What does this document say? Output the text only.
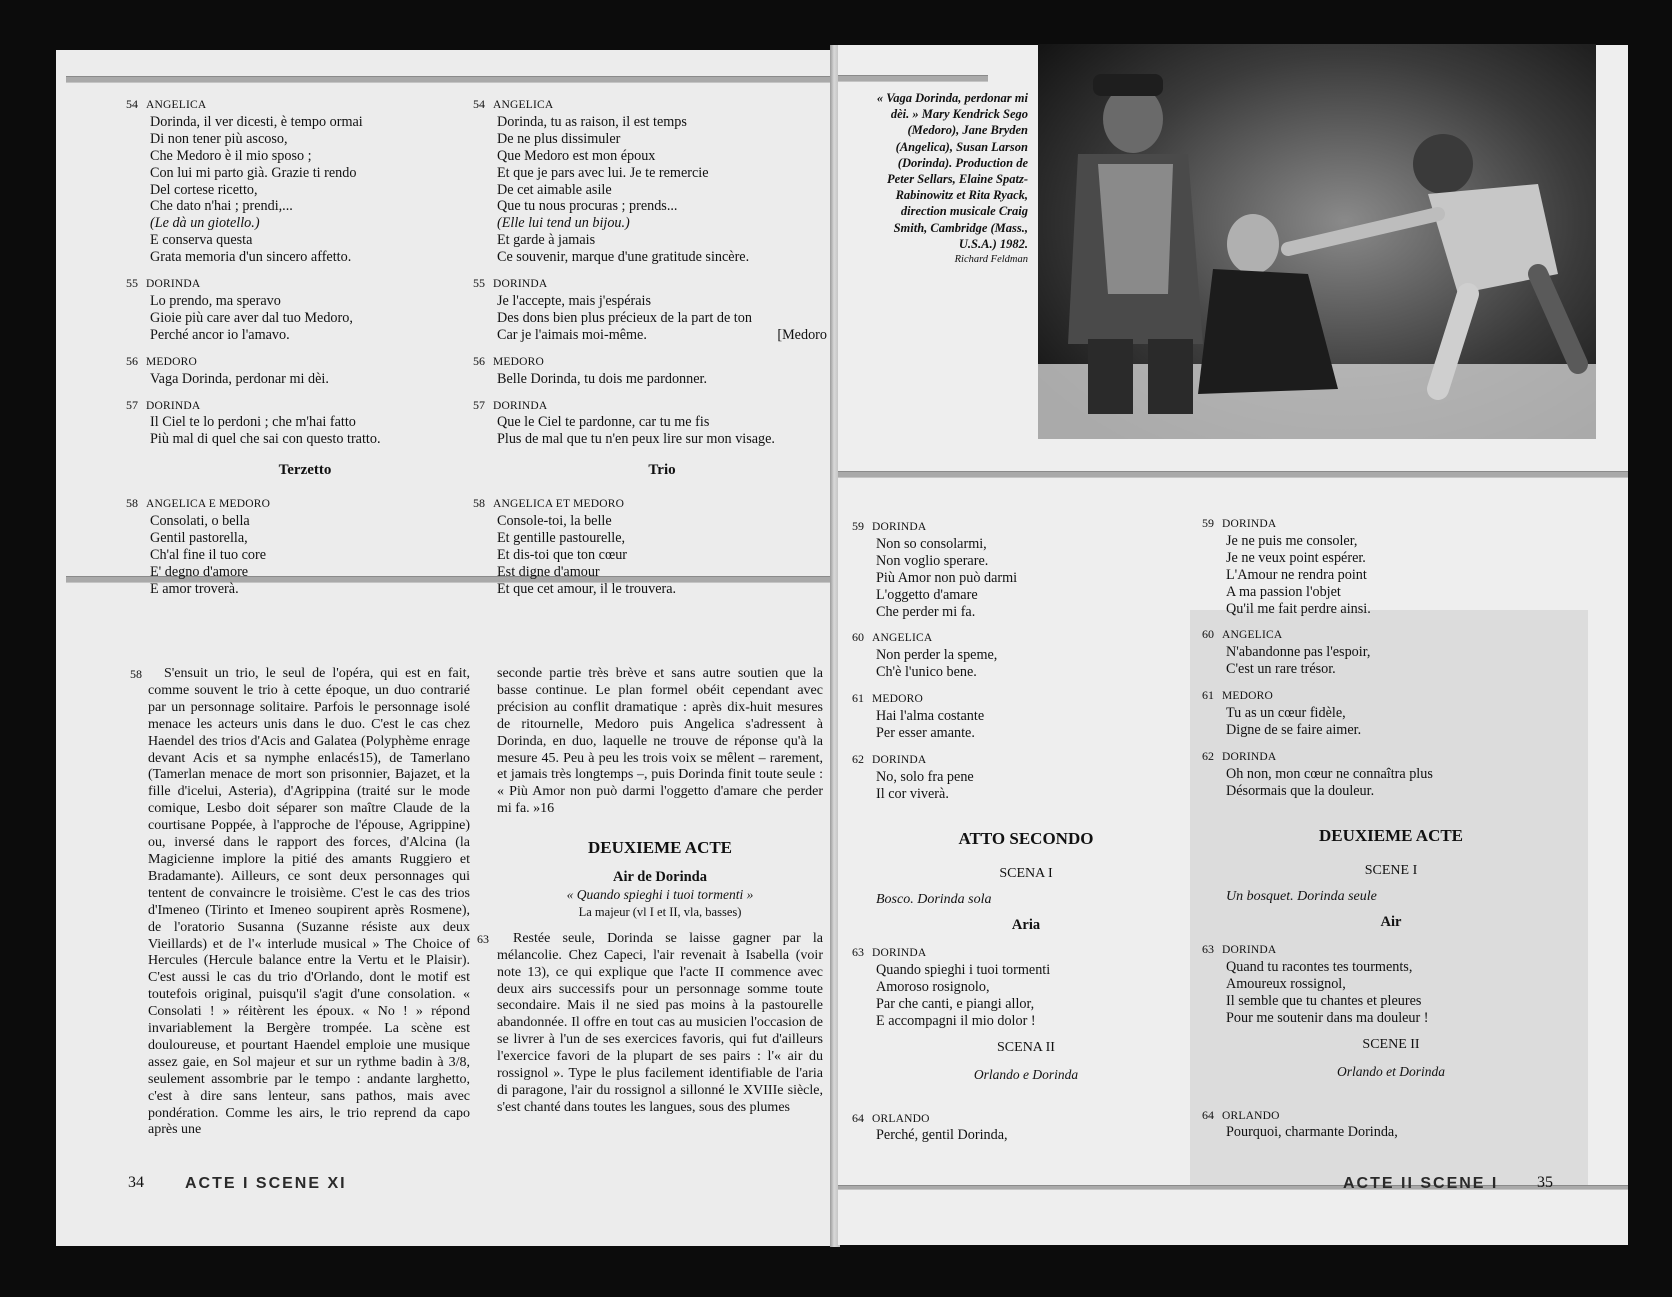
54 ANGELICA
Dorinda, il ver dicesti, è tempo ormai
Di non tener più ascoso,
Che Medoro è il mio sposo ;
Con lui mi parto già. Grazie ti rendo
Del cortese ricetto,
Che dato n'hai ; prendi,...
(Le dà un giotello.)
E conserva questa
Grata memoria d'un sincero affetto.
55 DORINDA
Lo prendo, ma speravo
Gioie più care aver dal tuo Medoro,
Perché ancor io l'amavo.
56 MEDORO
Vaga Dorinda, perdonar mi dèi.
57 DORINDA
Il Ciel te lo perdoni ; che m'hai fatto
Più mal di quel che sai con questo tratto.
Terzetto
58 ANGELICA E MEDORO
Consolati, o bella
Gentil pastorella,
Ch'al fine il tuo core
E' degno d'amore
E amor troverà.
54 ANGELICA
Dorinda, tu as raison, il est temps
De ne plus dissimuler
Que Medoro est mon époux
Et que je pars avec lui. Je te remercie
De cet aimable asile
Que tu nous procuras ; prends...
(Elle lui tend un bijou.)
Et garde à jamais
Ce souvenir, marque d'une gratitude sincère.
55 DORINDA
Je l'accepte, mais j'espérais
Des dons bien plus précieux de la part de ton
Car je l'aimais moi-même.	[Medoro
56 MEDORO
Belle Dorinda, tu dois me pardonner.
57 DORINDA
Que le Ciel te pardonne, car tu me fis
Plus de mal que tu n'en peux lire sur mon visage.
Trio
58 ANGELICA ET MEDORO
Console-toi, la belle
Et gentille pastourelle,
Et dis-toi que ton cœur
Est digne d'amour
Et que cet amour, il le trouvera.
58	S'ensuit un trio, le seul de l'opéra, qui est en fait, comme souvent le trio à cette époque, un duo contrarié par un personnage solitaire. Parfois le personnage isolé menace les acteurs unis dans le duo. C'est le cas chez Haendel des trios d'Acis and Galatea (Polyphème enrage devant Acis et sa nymphe enlacés15), de Tamerlano (Tamerlan menace de mort son prisonnier, Bajazet, et la fille d'icelui, Asteria), d'Agrippina (traité sur le mode comique, Lesbo doit séparer son maître Claude de la courtisane Poppée, à l'approche de l'épouse, Agrippine) ou, inversé dans le rapport des forces, d'Alcina (la Magicienne implore la pitié des amants Ruggiero et Bradamante). Ailleurs, ce sont deux personnages qui tentent de convaincre le troisième. C'est le cas des trios d'Imeneo (Tirinto et Imeneo soupirent après Rosmene), de l'oratorio Susanna (Suzanne résiste aux deux Vieillards) et de l'« interlude musical » The Choice of Hercules (Hercule balance entre la Vertu et le Plaisir). C'est aussi le cas du trio d'Orlando, dont le motif est toutefois original, puisqu'il s'agit d'une consolation. « Consolati ! » réitèrent les époux. « No ! » répond invariablement la Bergère trompée. La scène est douloureuse, et pourtant Haendel emploie une musique assez gaie, en Sol majeur et sur un rythme badin à 3/8, seulement assombrie par le tempo : andante larghetto, c'est à dire sans lenteur, sans pathos, mais avec pondération. Comme les airs, le trio reprend da capo après une

seconde partie très brève et sans autre soutien que la basse continue. Le plan formel obéit cependant avec précision au conflit dramatique : après dix-huit mesures de ritournelle, Medoro puis Angelica s'adressent à Dorinda, en duo, laquelle ne trouve de réponse qu'à la mesure 45. Peu à peu les trois voix se mêlent – rarement, et jamais très longtemps –, puis Dorinda finit toute seule : « Più Amor non può darmi l'oggetto d'amare che perder mi fa. »16

DEUXIEME ACTE
Air de Dorinda
« Quando spieghi i tuoi tormenti »
La majeur (vl I et II, vla, basses)
63	Restée seule, Dorinda se laisse gagner par la mélancolie. Chez Capeci, l'air revenait à Isabella (voir note 13), ce qui explique que l'acte II commence avec deux airs successifs pour un personnage somme toute secondaire. Mais il ne sied pas moins à la pastourelle abandonnée. Il offre en tout cas au musicien l'occasion de se livrer à l'un de ses exercices favoris, qui fut d'ailleurs l'exercice favori de la plupart de ses pairs : l'« air du rossignol ». Type le plus facilement identifiable de l'aria di paragone, l'air du rossignol a sillonné le XVIIIe siècle, s'est chanté dans toutes les langues, sous des plumes

34	ACTE I SCENE XI
« Vaga Dorinda, perdonar mi dèi. » Mary Kendrick Sego (Medoro), Jane Bryden (Angelica), Susan Larson (Dorinda). Production de Peter Sellars, Elaine Spatz-Rabinowitz et Rita Ryack, direction musicale Craig Smith, Cambridge (Mass., U.S.A.) 1982.
Richard Feldman
59 DORINDA
Non so consolarmi,
Non voglio sperare.
Più Amor non può darmi
L'oggetto d'amare
Che perder mi fa.
60 ANGELICA
Non perder la speme,
Ch'è l'unico bene.
61 MEDORO
Hai l'alma costante
Per esser amante.
62 DORINDA
No, solo fra pene
Il cor viverà.
ATTO SECONDO
SCENA I
Bosco. Dorinda sola
Aria
63 DORINDA
Quando spieghi i tuoi tormenti
Amoroso rosignolo,
Par che canti, e piangi allor,
E accompagni il mio dolor !
SCENA II
Orlando e Dorinda
64 ORLANDO
Perché, gentil Dorinda,
59 DORINDA
Je ne puis me consoler,
Je ne veux point espérer.
L'Amour ne rendra point
A ma passion l'objet
Qu'il me fait perdre ainsi.
60 ANGELICA
N'abandonne pas l'espoir,
C'est un rare trésor.
61 MEDORO
Tu as un cœur fidèle,
Digne de se faire aimer.
62 DORINDA
Oh non, mon cœur ne connaîtra plus
Désormais que la douleur.
DEUXIEME ACTE
SCENE I
Un bosquet. Dorinda seule
Air
63 DORINDA
Quand tu racontes tes tourments,
Amoureux rossignol,
Il semble que tu chantes et pleures
Pour me soutenir dans ma douleur !
SCENE II
Orlando et Dorinda
64 ORLANDO
Pourquoi, charmante Dorinda,
ACTE II SCENE I 35
